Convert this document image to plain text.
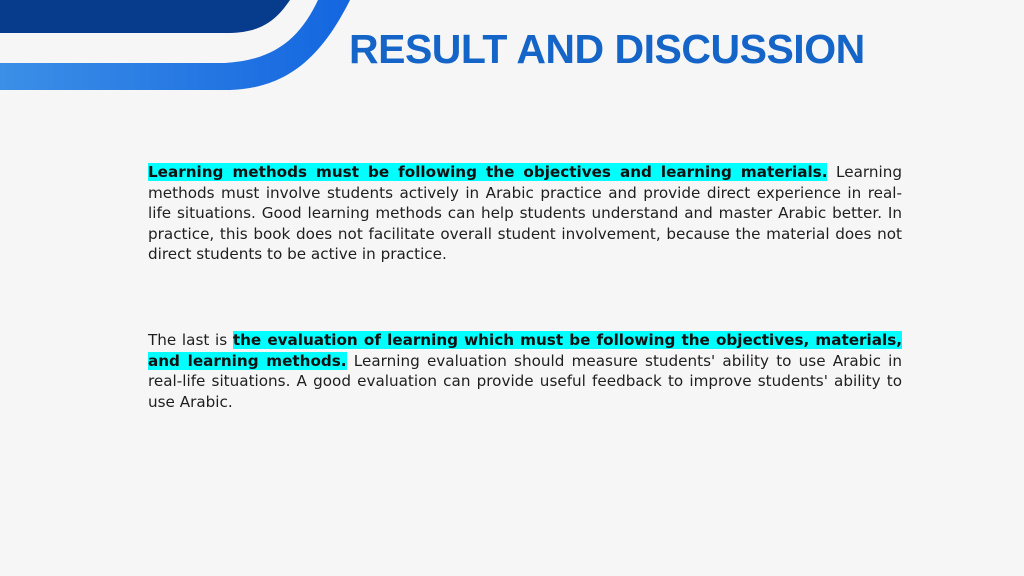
RESULT AND DISCUSSION

Learning methods must be following the objectives and learning materials. Learning methods must involve students actively in Arabic practice and provide direct experience in real-life situations. Good learning methods can help students understand and master Arabic better. In practice, this book does not facilitate overall student involvement, because the material does not direct students to be active in practice.

The last is the evaluation of learning which must be following the objectives, materials, and learning methods. Learning evaluation should measure students' ability to use Arabic in real-life situations. A good evaluation can provide useful feedback to improve students' ability to use Arabic.
